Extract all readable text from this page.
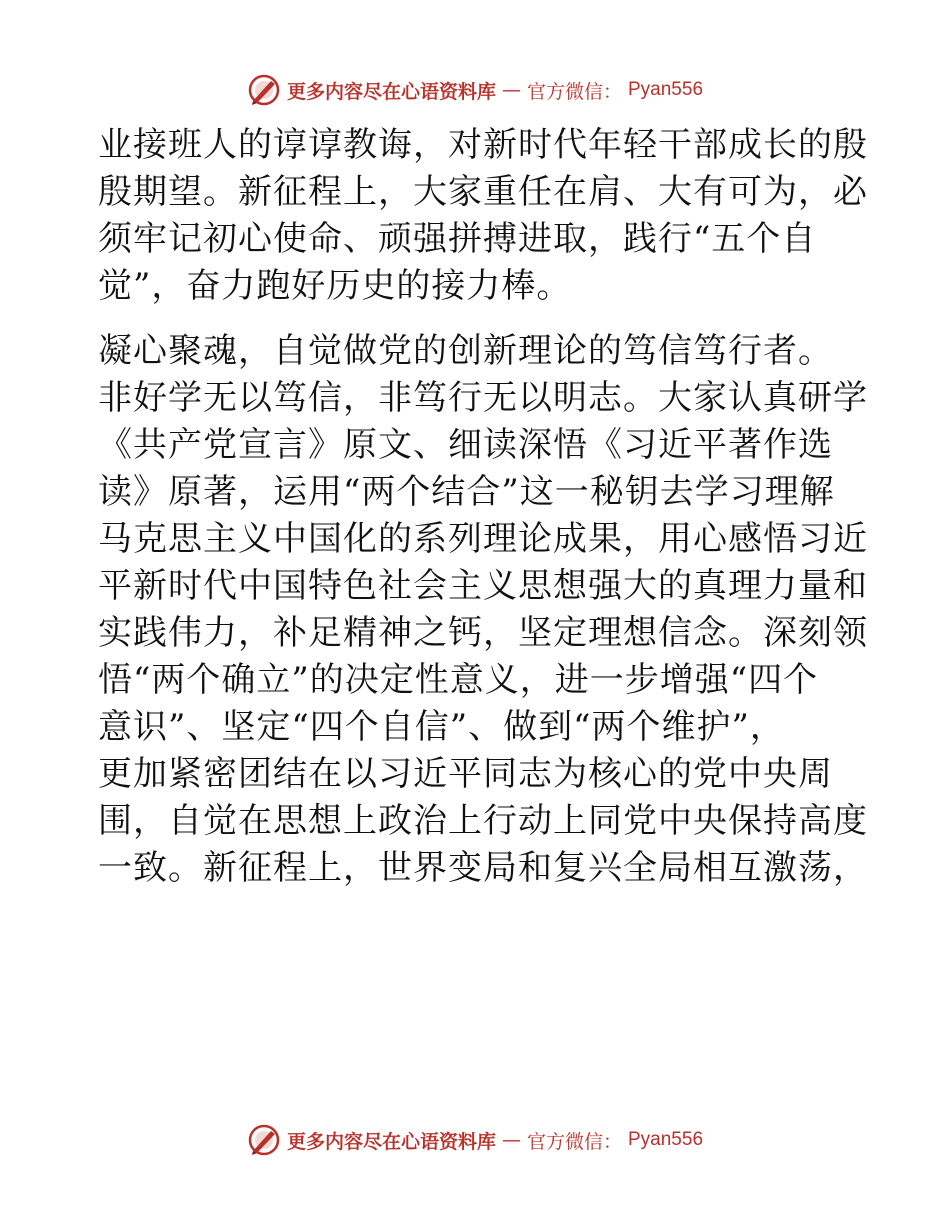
更多内容尽在心语资料库 — 官方微信： Pyan556

业接班人的谆谆教诲，对新时代年轻干部成长的殷
殷期望。新征程上，大家重任在肩、大有可为，必
须牢记初心使命、顽强拼搏进取，践行“五个自
觉”，奋力跑好历史的接力棒。

凝心聚魂，自觉做党的创新理论的笃信笃行者。
非好学无以笃信，非笃行无以明志。大家认真研学
《共产党宣言》原文、细读深悟《习近平著作选
读》原著，运用“两个结合”这一秘钥去学习理解
马克思主义中国化的系列理论成果，用心感悟习近
平新时代中国特色社会主义思想强大的真理力量和
实践伟力，补足精神之钙，坚定理想信念。深刻领
悟“两个确立”的决定性意义，进一步增强“四个
意识”、坚定“四个自信”、做到“两个维护”，
更加紧密团结在以习近平同志为核心的党中央周
围，自觉在思想上政治上行动上同党中央保持高度
一致。新征程上，世界变局和复兴全局相互激荡，

更多内容尽在心语资料库 — 官方微信： Pyan556
